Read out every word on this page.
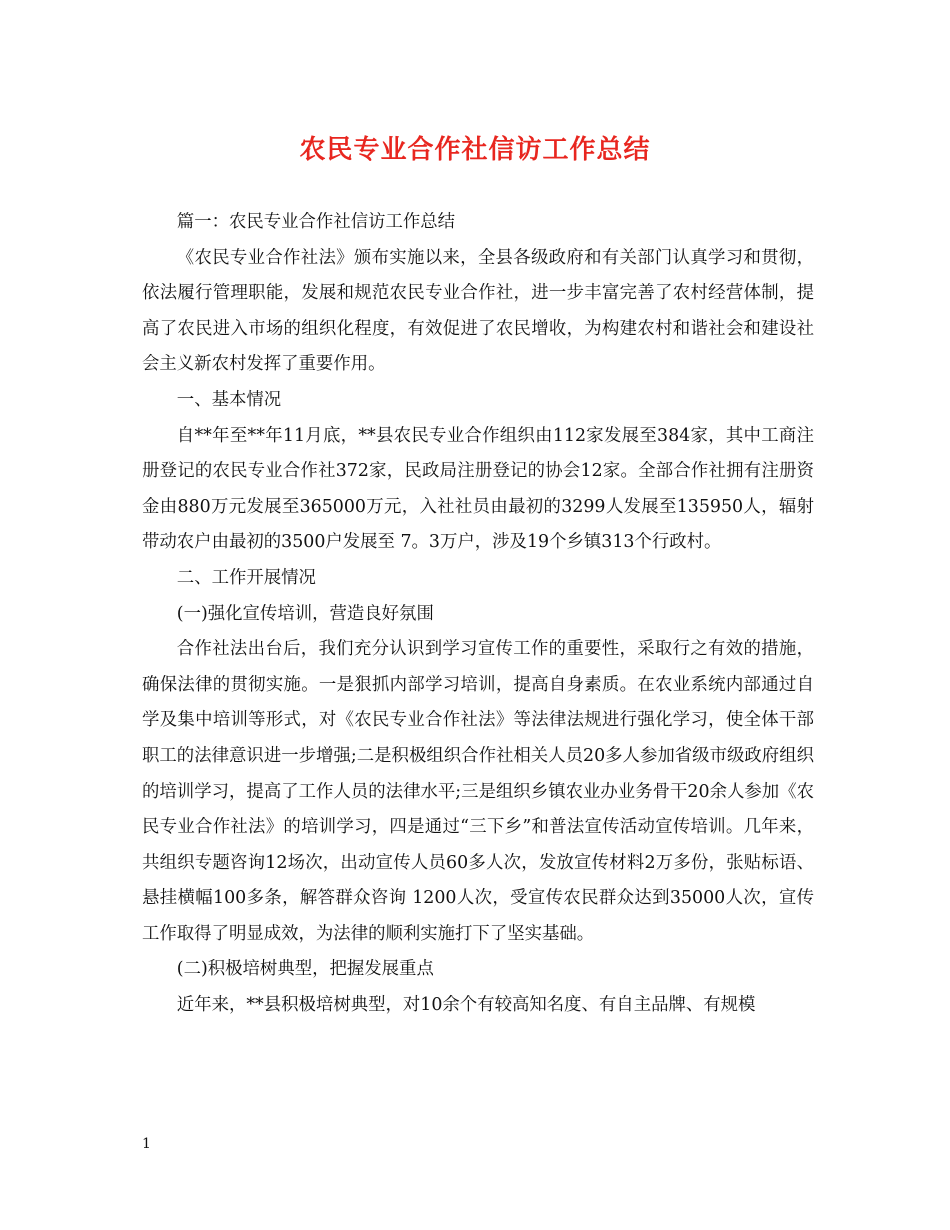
农民专业合作社信访工作总结

篇一：农民专业合作社信访工作总结

《农民专业合作社法》颁布实施以来，全县各级政府和有关部门认真学习和贯彻，依法履行管理职能，发展和规范农民专业合作社，进一步丰富完善了农村经营体制，提高了农民进入市场的组织化程度，有效促进了农民增收，为构建农村和谐社会和建设社会主义新农村发挥了重要作用。

一、基本情况

自**年至**年11月底，**县农民专业合作组织由112家发展至384家，其中工商注册登记的农民专业合作社372家，民政局注册登记的协会12家。全部合作社拥有注册资金由880万元发展至365000万元，入社社员由最初的3299人发展至135950人，辐射带动农户由最初的3500户发展至 7。3万户，涉及19个乡镇313个行政村。

二、工作开展情况

(一)强化宣传培训，营造良好氛围

合作社法出台后，我们充分认识到学习宣传工作的重要性，采取行之有效的措施，确保法律的贯彻实施。一是狠抓内部学习培训，提高自身素质。在农业系统内部通过自学及集中培训等形式，对《农民专业合作社法》等法律法规进行强化学习，使全体干部职工的法律意识进一步增强;二是积极组织合作社相关人员20多人参加省级市级政府组织的培训学习，提高了工作人员的法律水平;三是组织乡镇农业办业务骨干20余人参加《农民专业合作社法》的培训学习，四是通过“三下乡”和普法宣传活动宣传培训。几年来，共组织专题咨询12场次，出动宣传人员60多人次，发放宣传材料2万多份，张贴标语、悬挂横幅100多条，解答群众咨询 1200人次，受宣传农民群众达到35000人次，宣传工作取得了明显成效，为法律的顺利实施打下了坚实基础。

(二)积极培树典型，把握发展重点

近年来，**县积极培树典型，对10余个有较高知名度、有自主品牌、有规模

1
